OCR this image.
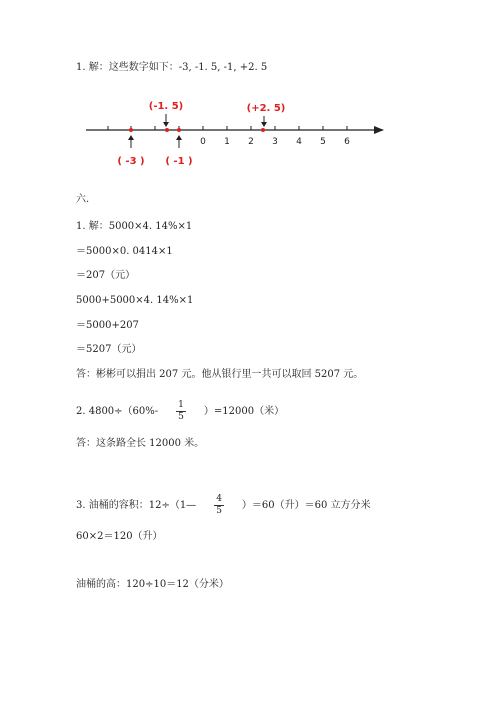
1. 解：这些数字如下：-3, -1. 5, -1, +2. 5
0 1 2 3 4 5 6
(-1. 5)	(+2. 5)
( -3 ) ( -1 )
六.
1. 解：5000×4. 14%×1
＝5000×0. 0414×1
＝207（元）
5000+5000×4. 14%×1
＝5000+207
＝5207（元）
答：彬彬可以捐出 207 元。他从银行里一共可以取回 5207 元。
2. $4800\div(60\%- \frac{1}{5} )=12000$（米）
答：这条路全长 12000 米。
3. 油桶的容积：12÷（1— $\frac{4}{5} )=60$（升）＝60 立方分米
60×2＝120（升）
油桶的高：120÷10＝12（分米）
